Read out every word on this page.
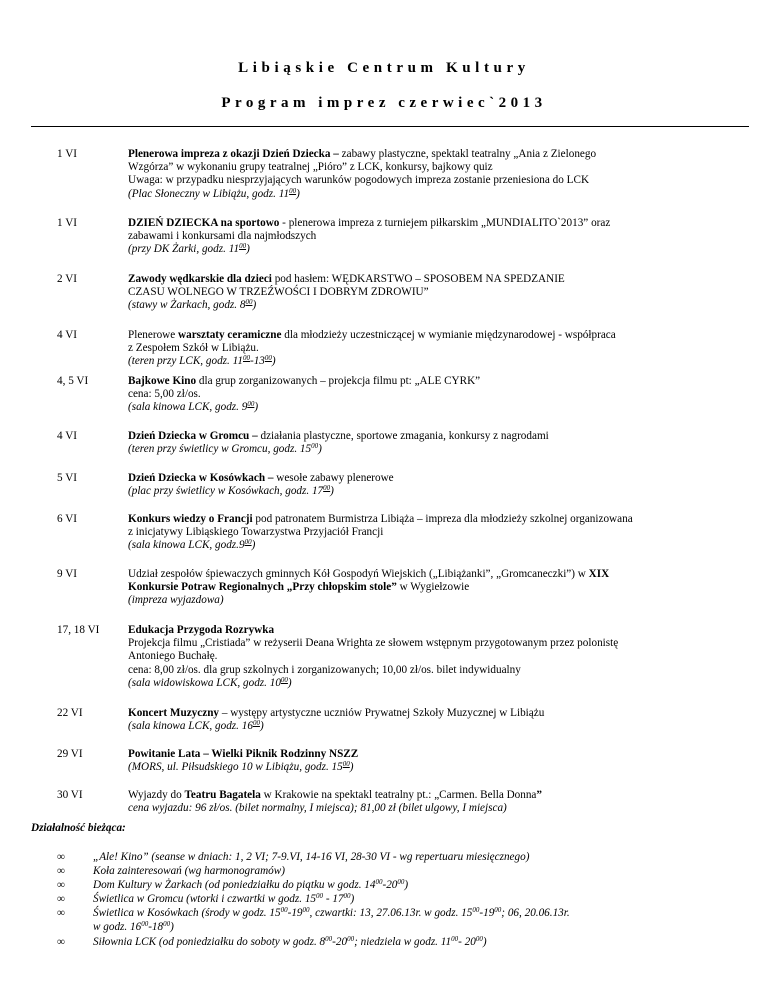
Libiąskie Centrum Kultury
Program imprez czerwiec`2013
1 VI	Plenerowa impreza z okazji Dzień Dziecka – zabawy plastyczne, spektakl teatralny „Ania z Zielonego
Wzgórza” w wykonaniu grupy teatralnej „Pióro” z LCK, konkursy, bajkowy quiz
Uwaga: w przypadku niesprzyjających warunków pogodowych impreza zostanie przeniesiona do LCK
(Plac Słoneczny w Libiążu, godz. $11^{00}$)
1 VI	DZIEŃ DZIECKA na sportowo - plenerowa impreza z turniejem piłkarskim „MUNDIALITO`2013” oraz
zabawami i konkursami dla najmłodszych
(przy DK Żarki, godz. $11^{00}$)
2 VI	Zawody wędkarskie dla dzieci pod hasłem: WĘDKARSTWO – SPOSOBEM NA SPEDZANIE
CZASU WOLNEGO W TRZEŹWOŚCI I DOBRYM ZDROWIU”
(stawy w Żarkach, godz. $8^{00}$)
4 VI	Plenerowe warsztaty ceramiczne dla młodzieży uczestniczącej w wymianie międzynarodowej - współpraca
z Zespołem Szkół w Libiążu.
(teren przy LCK, godz. $11^{00}-13^{00}$)
4, 5 VI	Bajkowe Kino dla grup zorganizowanych – projekcja filmu pt: „ALE CYRK”
cena: 5,00 zł/os.
(sala kinowa LCK, godz. $9^{00}$)
4 VI	Dzień Dziecka w Gromcu – działania plastyczne, sportowe zmagania, konkursy z nagrodami
(teren przy świetlicy w Gromcu, godz. $15^{00}$)
5 VI	Dzień Dziecka w Kosówkach – wesołe zabawy plenerowe
(plac przy świetlicy w Kosówkach, godz. $17^{00}$)
6 VI	Konkurs wiedzy o Francji pod patronatem Burmistrza Libiąża – impreza dla młodzieży szkolnej organizowana
z inicjatywy Libiąskiego Towarzystwa Przyjaciół Francji
(sala kinowa LCK, $godz.9^{00}$)
9 VI	Udział zespołów śpiewaczych gminnych Kół Gospodyń Wiejskich („Libiążanki”, „Gromcaneczki”) w XIX
Konkursie Potraw Regionalnych „Przy chłopskim stole” w Wygiełzowie
(impreza wyjazdowa)
17, 18 VI	Edukacja Przygoda Rozrywka
Projekcja filmu „Cristiada” w reżyserii Deana Wrighta ze słowem wstępnym przygotowanym przez polonistę
Antoniego Buchałę.
cena: 8,00 zł/os. dla grup szkolnych i zorganizowanych; 10,00 zł/os. bilet indywidualny
(sala widowiskowa LCK, godz. $10^{00}$)
22 VI	Koncert Muzyczny – występy artystyczne uczniów Prywatnej Szkoły Muzycznej w Libiążu
(sala kinowa LCK, godz. $16^{00}$)
29 VI	Powitanie Lata – Wielki Piknik Rodzinny NSZZ
(MORS, ul. Piłsudskiego 10 w Libiążu, godz. $15^{00}$)
30 VI	Wyjazdy do Teatru Bagatela w Krakowie na spektakl teatralny pt.: „Carmen. Bella Donna”
cena wyjazdu: 96 zł/os. (bilet normalny, I miejsca); 81,00 zł (bilet ulgowy, I miejsca)
Działalność bieżąca:
∞	„Ale! Kino” (seanse w dniach: 1, 2 VI; 7-9.VI, 14-16 VI, 28-30 VI - wg repertuaru miesięcznego)
∞	Koła zainteresowań (wg harmonogramów)
∞	Dom Kultury w Żarkach (od poniedziałku do piątku w godz. $14^{00}-20^{00}$)
∞	Świetlica w Gromcu (wtorki i czwartki w godz. $15^{00} - 17^{00}$)
∞	Świetlica w Kosówkach (środy w godz. $15^{00}-19^{00}$, czwartki: 13, 27.06.13r. w godz. $15^{00}-19^{00}$; 06, 20.06.13r.
w godz. $16^{00}-18^{00}$)
∞	Siłownia LCK (od poniedziałku do soboty w godz. $8^{00}-20^{00}$; niedziela w godz. $11^{00}-$ $20^{00}$)
